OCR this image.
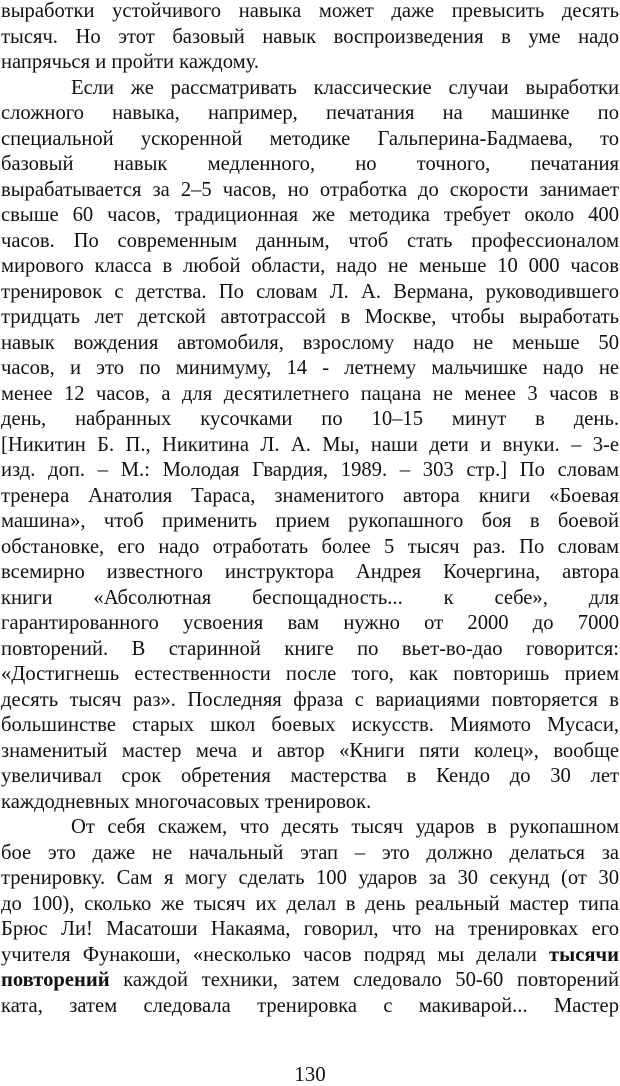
выработки устойчивого навыка может даже превысить десять
тысяч. Но этот базовый навык воспроизведения в уме надо
напрячься и пройти каждому.
Если же рассматривать классические случаи выработки
сложного навыка, например, печатания на машинке по
специальной ускоренной методике Гальперина-Бадмаева, то
базовый навык медленного, но точного, печатания
вырабатывается за 2–5 часов, но отработка до скорости занимает
свыше 60 часов, традиционная же методика требует около 400
часов. По современным данным, чтоб стать профессионалом
мирового класса в любой области, надо не меньше 10 000 часов
тренировок с детства. По словам Л. А. Вермана, руководившего
тридцать лет детской автотрассой в Москве, чтобы выработать
навык вождения автомобиля, взрослому надо не меньше 50
часов, и это по минимуму, 14 - летнему мальчишке надо не
менее 12 часов, а для десятилетнего пацана не менее 3 часов в
день, набранных кусочками по 10–15 минут в день.
[Никитин Б. П., Никитина Л. А. Мы, наши дети и внуки. – 3-е
изд. доп. – М.: Молодая Гвардия, 1989. – 303 стр.] По словам
тренера Анатолия Тараса, знаменитого автора книги «Боевая
машина», чтоб применить прием рукопашного боя в боевой
обстановке, его надо отработать более 5 тысяч раз. По словам
всемирно известного инструктора Андрея Кочергина, автора
книги «Абсолютная беспощадность... к себе», для
гарантированного усвоения вам нужно от 2000 до 7000
повторений. В старинной книге по вьет-во-дао говорится:
«Достигнешь естественности после того, как повторишь прием
десять тысяч раз». Последняя фраза с вариациями повторяется в
большинстве старых школ боевых искусств. Миямото Мусаси,
знаменитый мастер меча и автор «Книги пяти колец», вообще
увеличивал срок обретения мастерства в Кендо до 30 лет
каждодневных многочасовых тренировок.
От себя скажем, что десять тысяч ударов в рукопашном
бое это даже не начальный этап – это должно делаться за
тренировку. Сам я могу сделать 100 ударов за 30 секунд (от 30
до 100), сколько же тысяч их делал в день реальный мастер типа
Брюс Ли! Масатоши Накаяма, говорил, что на тренировках его
учителя Фунакоши, «несколько часов подряд мы делали тысячи
повторений каждой техники, затем следовало 50-60 повторений
ката, затем следовала тренировка с макиварой... Мастер
130
